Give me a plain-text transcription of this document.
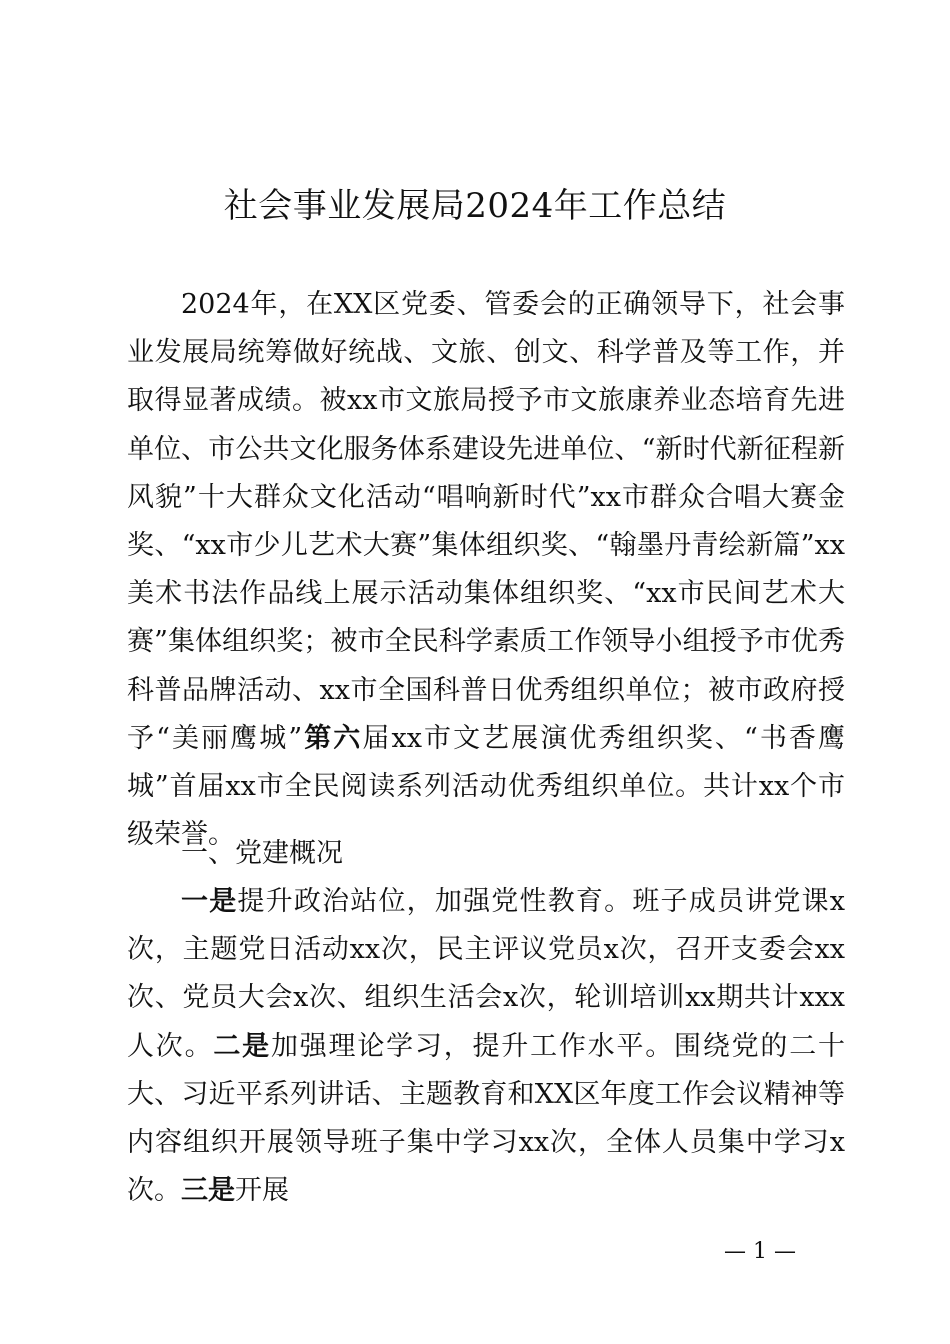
社会事业发展局2024年工作总结

2024年，在XX区党委、管委会的正确领导下，社会事业发展局统筹做好统战、文旅、创文、科学普及等工作，并取得显著成绩。被xx市文旅局授予市文旅康养业态培育先进单位、市公共文化服务体系建设先进单位、“新时代新征程新风貌”十大群众文化活动“唱响新时代”xx市群众合唱大赛金奖、“xx市少儿艺术大赛”集体组织奖、“翰墨丹青绘新篇”xx美术书法作品线上展示活动集体组织奖、“xx市民间艺术大赛”集体组织奖；被市全民科学素质工作领导小组授予市优秀科普品牌活动、xx市全国科普日优秀组织单位；被市政府授予“美丽鹰城”第六届xx市文艺展演优秀组织奖、“书香鹰城”首届xx市全民阅读系列活动优秀组织单位。共计xx个市级荣誉。

一、党建概况

一是提升政治站位，加强党性教育。班子成员讲党课x次，主题党日活动xx次，民主评议党员x次，召开支委会xx次、党员大会x次、组织生活会x次，轮训培训xx期共计xxx人次。二是加强理论学习，提升工作水平。围绕党的二十大、习近平系列讲话、主题教育和XX区年度工作会议精神等内容组织开展领导班子集中学习xx次，全体人员集中学习x次。三是开展

— 1 —
